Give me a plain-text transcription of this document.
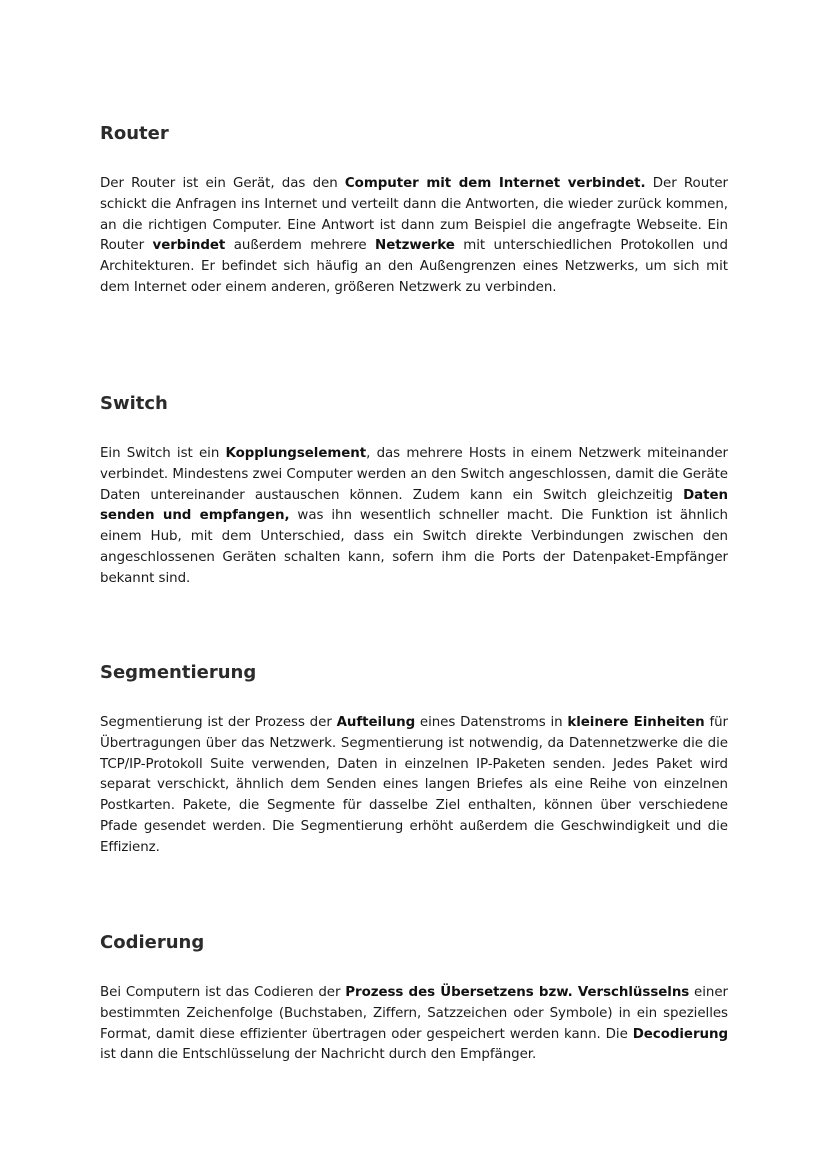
Router

Der Router ist ein Gerät, das den Computer mit dem Internet verbindet. Der Router schickt die Anfragen ins Internet und verteilt dann die Antworten, die wieder zurück kommen, an die richtigen Computer. Eine Antwort ist dann zum Beispiel die angefragte Webseite. Ein Router verbindet außerdem mehrere Netzwerke mit unterschiedlichen Protokollen und Architekturen. Er befindet sich häufig an den Außengrenzen eines Netzwerks, um sich mit dem Internet oder einem anderen, größeren Netzwerk zu verbinden.

Switch

Ein Switch ist ein Kopplungselement, das mehrere Hosts in einem Netzwerk miteinander verbindet. Mindestens zwei Computer werden an den Switch angeschlossen, damit die Geräte Daten untereinander austauschen können. Zudem kann ein Switch gleichzeitig Daten senden und empfangen, was ihn wesentlich schneller macht. Die Funktion ist ähnlich einem Hub, mit dem Unterschied, dass ein Switch direkte Verbindungen zwischen den angeschlossenen Geräten schalten kann, sofern ihm die Ports der Datenpaket-Empfänger bekannt sind.

Segmentierung

Segmentierung ist der Prozess der Aufteilung eines Datenstroms in kleinere Einheiten für Übertragungen über das Netzwerk. Segmentierung ist notwendig, da Datennetzwerke die die TCP/IP-Protokoll Suite verwenden, Daten in einzelnen IP-Paketen senden. Jedes Paket wird separat verschickt, ähnlich dem Senden eines langen Briefes als eine Reihe von einzelnen Postkarten. Pakete, die Segmente für dasselbe Ziel enthalten, können über verschiedene Pfade gesendet werden. Die Segmentierung erhöht außerdem die Geschwindigkeit und die Effizienz.

Codierung

Bei Computern ist das Codieren der Prozess des Übersetzens bzw. Verschlüsselns einer bestimmten Zeichenfolge (Buchstaben, Ziffern, Satzzeichen oder Symbole) in ein spezielles Format, damit diese effizienter übertragen oder gespeichert werden kann. Die Decodierung ist dann die Entschlüsselung der Nachricht durch den Empfänger.
